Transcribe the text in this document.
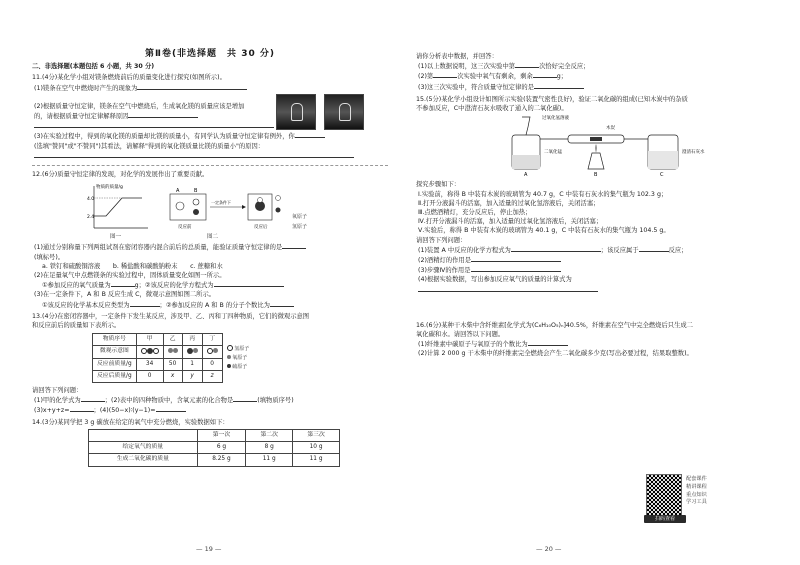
第Ⅱ卷(非选择题　共 30 分)
二、非选择题(本题包括 6 小题，共 30 分)

11.(4分)某化学小组对镁条燃烧前后的质量变化进行探究(如图所示)。

(1)镁条在空气中燃烧时产生的现象为

(2)根据质量守恒定律，镁条在空气中燃烧后，生成氧化镁的质量应该是增加

的，请根据质量守恒定律解释原因

(3)在实验过程中，得到的氧化镁的质量却比镁的质量小，有同学认为质量守恒定律有例外，你

(选填"赞同"或"不赞同")其看法，请解释"得到的氧化镁质量比镁的质量小"的原因：

12.(6分)质量守恒定律的发现，对化学的发展作出了重要贡献。

物质的质量/g
4.0
2.4
A	B
反应前
一定条件下
反应后
氧原子
氢原子
图一	图二

(1)通过分别称量下列两组试剂在密闭容器内混合前后的总质量，能验证质量守恒定律的是

(填标号)。

a. 铁钉和硫酸铜溶液　　b. 稀盐酸和碳酸钠粉末　　c. 蔗糖和水

(2)在足量氧气中点燃镁条的实验过程中，固体质量变化如图一所示。

①参加反应的氧气质量为	g；②该反应的化学方程式为

(3)在一定条件下，A 和 B 反应生成 C，微观示意图如图二所示。

①该反应的化学基本反应类型为	；②参加反应的 A 和 B 的分子个数比为

13.(4分)在密闭容器中，一定条件下发生某反应，涉及甲、乙、丙和丁四种物质，它们的微观示意图

和反应前后的质量如下表所示。

物质序号	甲	乙	丙	丁
微观示意图				
反应前质量/g	34	50	1	0
反应后质量/g	0	x	y	z
氢原子
氧原子
硫原子

请回答下列问题：

(1)甲的化学式为	；(2)表中的四种物质中，含氧元素的化合物是	(填物质序号)

(3)x+y+z=	；(4)(50−x)∶(y−1)=

14.(3分)某同学把 3 g 碳放在给定的氧气中充分燃烧，实验数据如下：

	第一次	第二次	第三次
给定氧气的质量	6 g	8 g	10 g
生成二氧化碳的质量	8.25 g	11 g	11 g
— 19 —

请你分析表中数据，并回答：

(1)以上数据说明，这三次实验中第	次恰好完全反应；

(2)第	次实验中氧气有剩余，剩余	g；

(3)这三次实验中，符合质量守恒定律的是

15.(5分)某化学小组设计如图所示实验(装置气密性良好)，验证二氧化碳的组成(已知木炭中的杂质

不参加反应，C中澄清石灰水吸收了通入的二氧化碳)。

过氧化氢溶液
木炭
二氧化锰	澄清石灰水
A	B	C

探究步骤如下：

Ⅰ.实验前，称得 B 中装有木炭的玻璃管为 40.7 g，C 中装有石灰水的集气瓶为 102.3 g；

Ⅱ.打开分液漏斗的活塞，加入适量的过氧化氢溶液后，关闭活塞；

Ⅲ.点燃酒精灯，充分反应后，停止加热；

Ⅳ.打开分液漏斗的活塞，加入适量的过氧化氢溶液后，关闭活塞；

Ⅴ.实验后，称得 B 中装有木炭的玻璃管为 40.1 g，C 中装有石灰水的集气瓶为 104.5 g。

请回答下列问题：

(1)装置 A 中反应的化学方程式为	；该反应属于	反应；

(2)酒精灯的作用是

(3)步骤Ⅳ的作用是

(4)根据实验数据，写出参加反应氧气的质量的计算式为

16.(6分)某种干木柴中含纤维素[化学式为(C₆H₁₀O₅)ₙ]40.5%，纤维素在空气中完全燃烧后只生成二

氧化碳和水。请回答以下问题。

(1)纤维素中碳原子与氧原子的个数比为

(2)计算 2 000 g 干木柴中的纤维素完全燃烧会产生二氧化碳多少克(写出必要过程，结果取整数)。

扫码查看
配套课件
精讲课程
重点知识
学习工具
— 20 —
